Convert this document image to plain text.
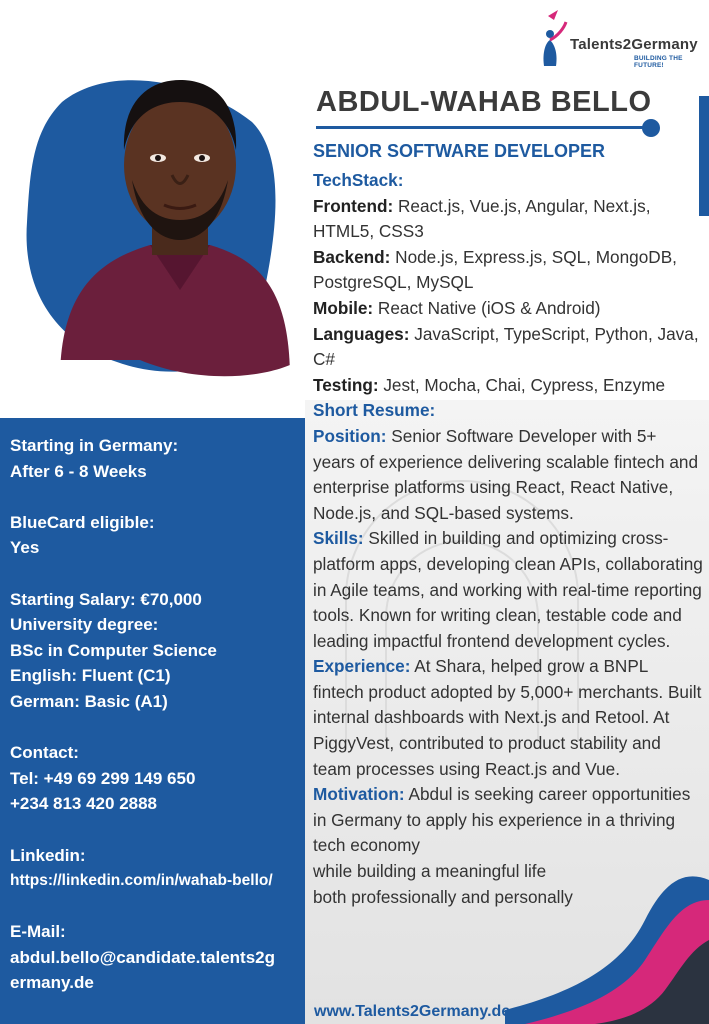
Talents2Germany
BUILDING THE FUTURE!
ABDUL-WAHAB BELLO
SENIOR SOFTWARE DEVELOPER

TechStack:

Frontend: React.js, Vue.js, Angular, Next.js, HTML5, CSS3

Backend: Node.js, Express.js, SQL, MongoDB, PostgreSQL, MySQL

Mobile: React Native (iOS & Android)

Languages: JavaScript, TypeScript, Python, Java, C#

Testing: Jest, Mocha, Chai, Cypress, Enzyme

Short Resume:

Position: Senior Software Developer with 5+ years of experience delivering scalable fintech and enterprise platforms using React, React Native, Node.js, and SQL-based systems.

Skills: Skilled in building and optimizing cross-platform apps, developing clean APIs, collaborating in Agile teams, and working with real-time reporting tools. Known for writing clean, testable code and leading impactful frontend development cycles.

Experience: At Shara, helped grow a BNPL fintech product adopted by 5,000+ merchants. Built internal dashboards with Next.js and Retool. At PiggyVest, contributed to product stability and team processes using React.js and Vue.

Motivation: Abdul is seeking career opportunities in Germany to apply his experience in a thriving tech economy

while building a meaningful life

both professionally and personally

Starting in Germany:

After 6 - 8 Weeks

BlueCard eligible:

Yes

Starting Salary: €70,000

University degree:

BSc in Computer Science

English: Fluent (C1)

German: Basic (A1)

Contact:

Tel: +49 69 299 149 650

+234 813 420 2888

Linkedin:

https://linkedin.com/in/wahab-bello/

E-Mail:

abdul.bello@candidate.talents2g

ermany.de

www.Talents2Germany.de
